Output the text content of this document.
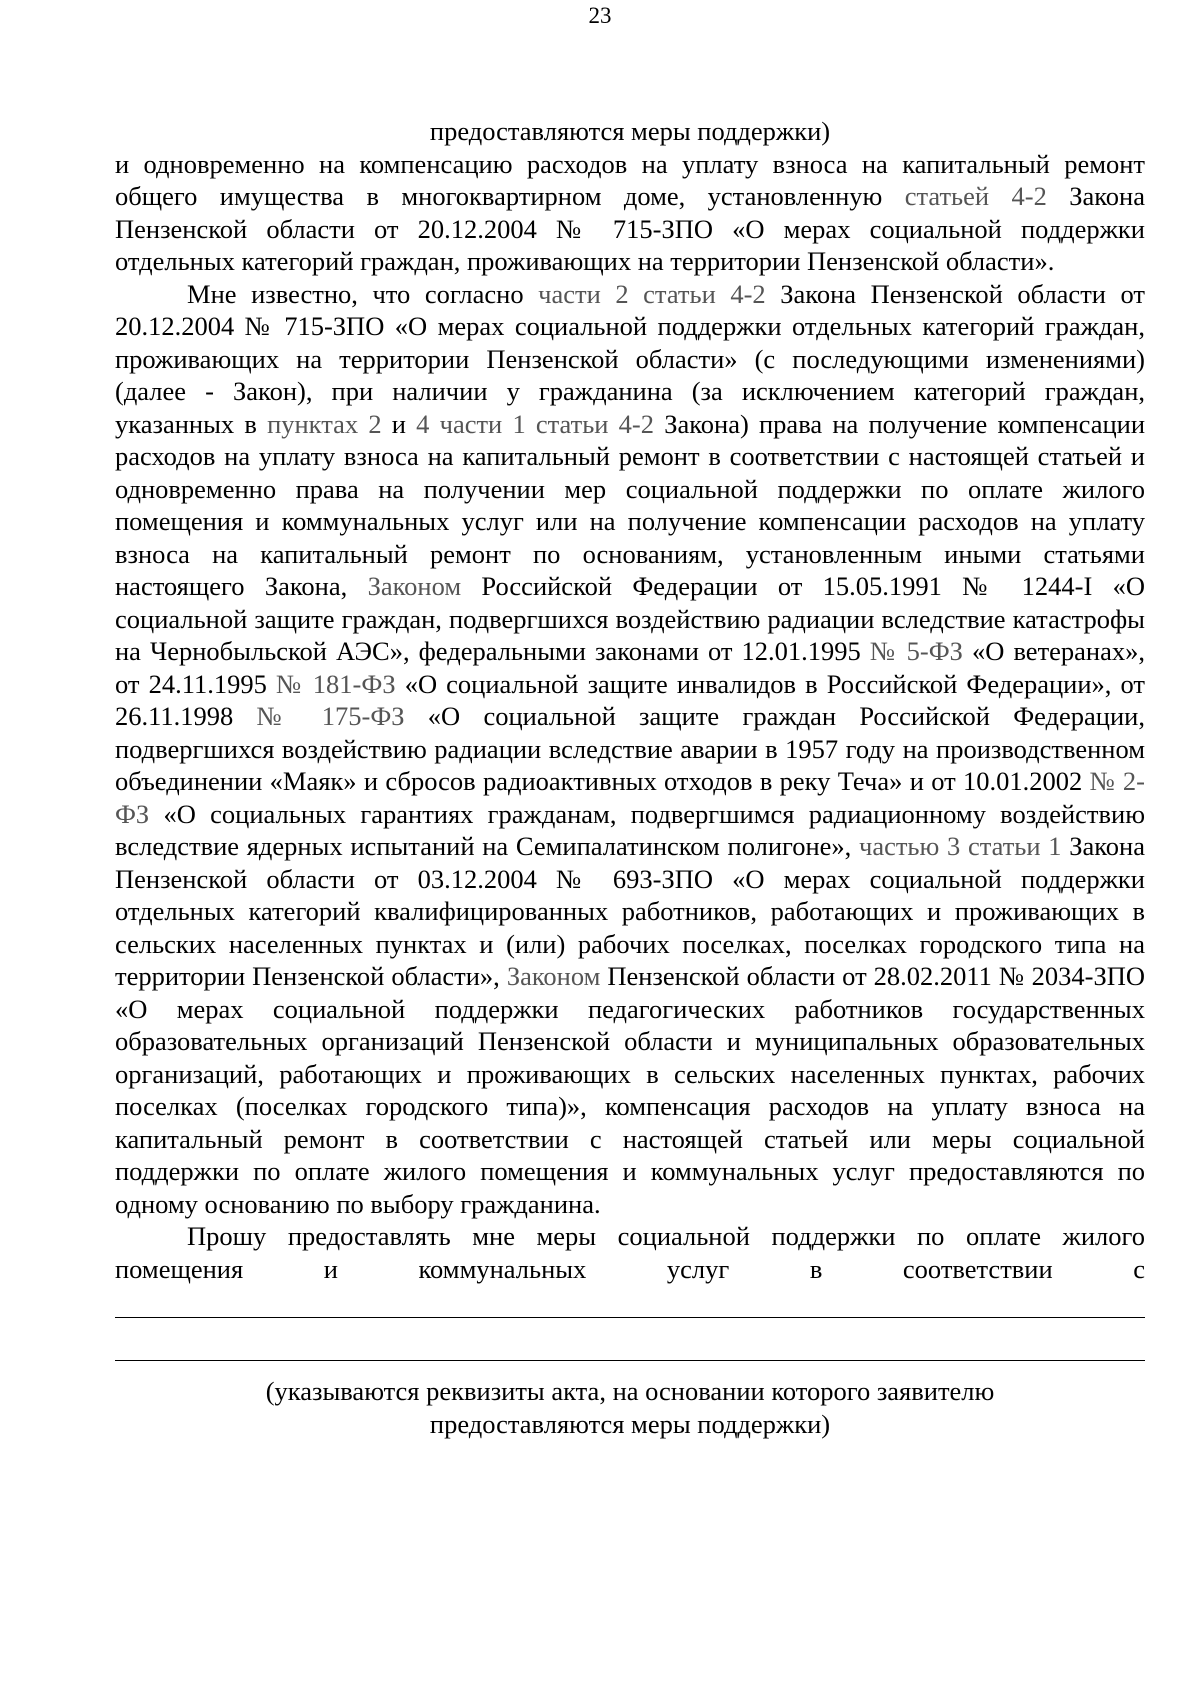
23
предоставляются меры поддержки)

и одновременно на компенсацию расходов на уплату взноса на капитальный ремонт общего имущества в многоквартирном доме, установленную статьей 4-2 Закона Пензенской области от 20.12.2004 № 715-ЗПО «О мерах социальной поддержки отдельных категорий граждан, проживающих на территории Пензенской области».

Мне известно, что согласно части 2 статьи 4-2 Закона Пензенской области от 20.12.2004 № 715-ЗПО «О мерах социальной поддержки отдельных категорий граждан, проживающих на территории Пензенской области» (с последующими изменениями) (далее - Закон), при наличии у гражданина (за исключением категорий граждан, указанных в пунктах 2 и 4 части 1 статьи 4-2 Закона) права на получение компенсации расходов на уплату взноса на капитальный ремонт в соответствии с настоящей статьей и одновременно права на получении мер социальной поддержки по оплате жилого помещения и коммунальных услуг или на получение компенсации расходов на уплату взноса на капитальный ремонт по основаниям, установленным иными статьями настоящего Закона, Законом Российской Федерации от 15.05.1991 № 1244-I «О социальной защите граждан, подвергшихся воздействию радиации вследствие катастрофы на Чернобыльской АЭС», федеральными законами от 12.01.1995 № 5-ФЗ «О ветеранах», от 24.11.1995 № 181-ФЗ «О социальной защите инвалидов в Российской Федерации», от 26.11.1998 № 175-ФЗ «О социальной защите граждан Российской Федерации, подвергшихся воздействию радиации вследствие аварии в 1957 году на производственном объединении «Маяк» и сбросов радиоактивных отходов в реку Теча» и от 10.01.2002 № 2-ФЗ «О социальных гарантиях гражданам, подвергшимся радиационному воздействию вследствие ядерных испытаний на Семипалатинском полигоне», частью 3 статьи 1 Закона Пензенской области от 03.12.2004 № 693-ЗПО «О мерах социальной поддержки отдельных категорий квалифицированных работников, работающих и проживающих в сельских населенных пунктах и (или) рабочих поселках, поселках городского типа на территории Пензенской области», Законом Пензенской области от 28.02.2011 № 2034-ЗПО «О мерах социальной поддержки педагогических работников государственных образовательных организаций Пензенской области и муниципальных образовательных организаций, работающих и проживающих в сельских населенных пунктах, рабочих поселках (поселках городского типа)», компенсация расходов на уплату взноса на капитальный ремонт в соответствии с настоящей статьей или меры социальной поддержки по оплате жилого помещения и коммунальных услуг предоставляются по одному основанию по выбору гражданина.

Прошу предоставлять мне меры социальной поддержки по оплате жилого помещения и коммунальных услуг в соответствии с

(указываются реквизиты акта, на основании которого заявителю
предоставляются меры поддержки)
